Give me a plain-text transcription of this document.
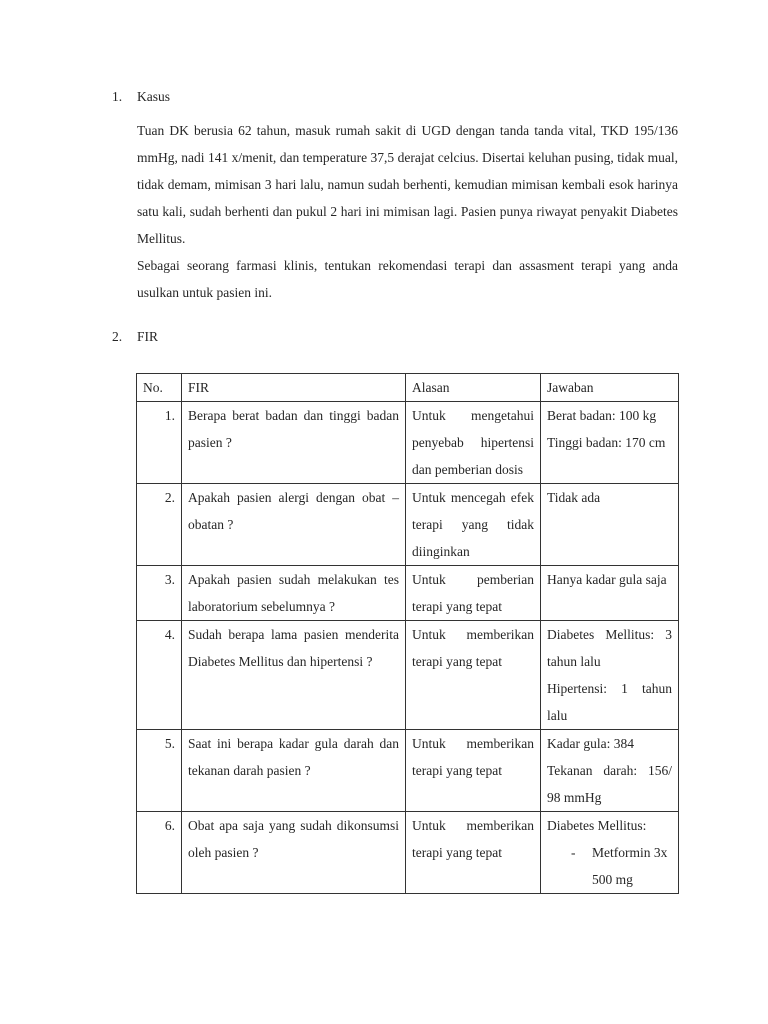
1. Kasus

Tuan DK berusia 62 tahun, masuk rumah sakit di UGD dengan tanda tanda vital, TKD 195/136 mmHg, nadi 141 x/menit, dan temperature 37,5 derajat celcius. Disertai keluhan pusing, tidak mual, tidak demam, mimisan 3 hari lalu, namun sudah berhenti, kemudian mimisan kembali esok harinya satu kali, sudah berhenti dan pukul 2 hari ini mimisan lagi. Pasien punya riwayat penyakit Diabetes Mellitus.

Sebagai seorang farmasi klinis, tentukan rekomendasi terapi dan assasment terapi yang anda usulkan untuk pasien ini.

2. FIR
No.	FIR	Alasan	Jawaban
1.	Berapa berat badan dan tinggi badan pasien ?	Untuk mengetahui penyebab hipertensi dan pemberian dosis	Berat badan: 100 kg
Tinggi badan: 170 cm

2.	Apakah pasien alergi dengan obat – obatan ?	Untuk mencegah efek terapi yang tidak diinginkan	Tidak ada

3.	Apakah pasien sudah melakukan tes laboratorium sebelumnya ?	Untuk pemberian terapi yang tepat	Hanya kadar gula saja

4.	Sudah berapa lama pasien menderita Diabetes Mellitus dan hipertensi ?	Untuk memberikan terapi yang tepat	Diabetes Mellitus: 3 tahun lalu
Hipertensi: 1 tahun lalu

5.	Saat ini berapa kadar gula darah dan tekanan darah pasien ?	Untuk memberikan terapi yang tepat	Kadar gula: 384
Tekanan darah: 156/ 98 mmHg

6.	Obat apa saja yang sudah dikonsumsi oleh pasien ?	Untuk memberikan terapi yang tepat	Diabetes Mellitus:
- Metformin 3x 500 mg
